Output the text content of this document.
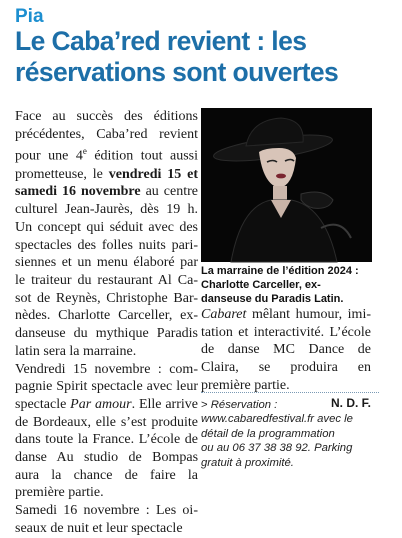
Pia
Le Caba’red revient : les
réservations sont ouvertes

Face au succès des éditions précédentes, Caba’red revient pour une 4e édition tout aussi prometteuse, le vendredi 15 et samedi 16 novembre au centre culturel Jean-Jaurès, dès 19 h. Un concept qui séduit avec des spectacles des folles nuits pari-siennes et un menu élaboré par le traiteur du restaurant Al Ca-sot de Reynès, Christophe Bar-nèdes. Charlotte Carceller, ex-danseuse du mythique Paradis latin sera la marraine.

Vendredi 15 novembre : com-pagnie Spirit spectacle avec leur spectacle Par amour. Elle arrive de Bordeaux, elle s’est produite dans toute la France. L’école de danse Au studio de Bompas aura la chance de faire la première partie.

Samedi 16 novembre : Les oi-seaux de nuit et leur spectacle

La marraine de l’édition 2024 :
Charlotte Carceller, ex-
danseuse du Paradis Latin.
Cabaret mêlant humour, imi- tation et interactivité. L’école de danse MC Dance de Claira, se produira en première partie.
N. D. F.
> Réservation :
www.cabaredfestival.fr avec le
détail de la programmation
ou au 06 37 38 38 92. Parking
gratuit à proximité.
